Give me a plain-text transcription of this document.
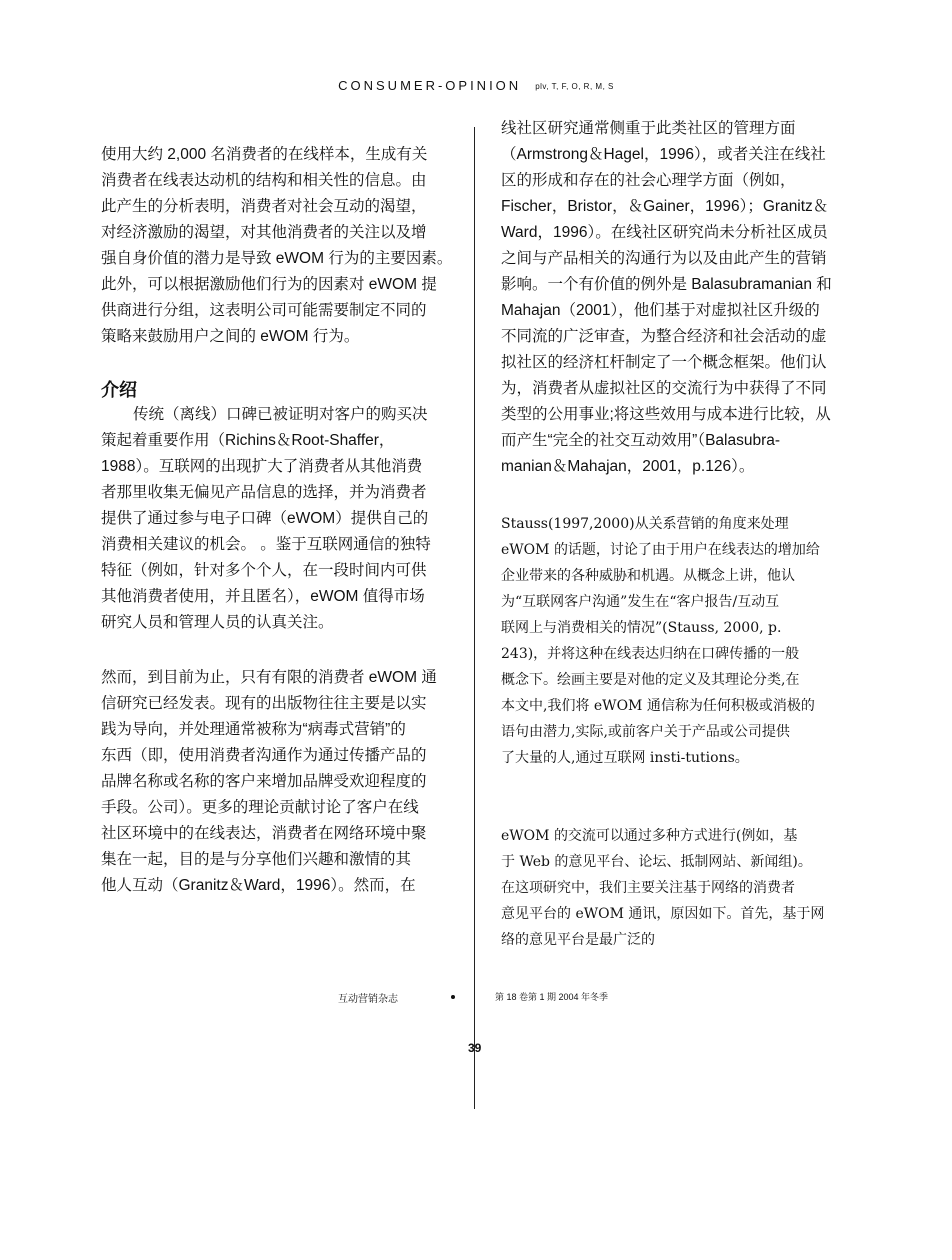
CONSUMER-OPINION plv, T, F, O, R, M, S

使用大约 2,000 名消费者的在线样本，生成有关

消费者在线表达动机的结构和相关性的信息。由

此产生的分析表明，消费者对社会互动的渴望，

对经济激励的渴望，对其他消费者的关注以及增

强自身价值的潜力是导致 eWOM 行为的主要因素。

此外，可以根据激励他们行为的因素对 eWOM 提

供商进行分组，这表明公司可能需要制定不同的

策略来鼓励用户之间的 eWOM 行为。

介绍

传统（离线）口碑已被证明对客户的购买决

策起着重要作用（Richins＆Root-Shaffer，

1988）。互联网的出现扩大了消费者从其他消费

者那里收集无偏见产品信息的选择，并为消费者

提供了通过参与电子口碑（eWOM）提供自己的

消费相关建议的机会。 。鉴于互联网通信的独特

特征（例如，针对多个个人，在一段时间内可供

其他消费者使用，并且匿名），eWOM 值得市场

研究人员和管理人员的认真关注。

然而，到目前为止，只有有限的消费者 eWOM 通

信研究已经发表。现有的出版物往往主要是以实

践为导向，并处理通常被称为“病毒式营销”的

东西（即，使用消费者沟通作为通过传播产品的

品牌名称或名称的客户来增加品牌受欢迎程度的

手段。公司）。更多的理论贡献讨论了客户在线

社区环境中的在线表达，消费者在网络环境中聚

集在一起，目的是与分享他们兴趣和激情的其

他人互动（Granitz＆Ward，1996）。然而，在

线社区研究通常侧重于此类社区的管理方面

（Armstrong＆Hagel，1996），或者关注在线社

区的形成和存在的社会心理学方面（例如，

Fischer，Bristor，＆Gainer，1996）；Granitz＆

Ward，1996）。在线社区研究尚未分析社区成员

之间与产品相关的沟通行为以及由此产生的营销

影响。一个有价值的例外是 Balasubramanian 和

Mahajan（2001），他们基于对虚拟社区升级的

不同流的广泛审查，为整合经济和社会活动的虚

拟社区的经济杠杆制定了一个概念框架。他们认

为，消费者从虚拟社区的交流行为中获得了不同

类型的公用事业;将这些效用与成本进行比较，从

而产生“完全的社交互动效用”（Balasubra-

manian＆Mahajan，2001，p.126）。

Stauss(1997,2000)从关系营销的角度来处理

eWOM 的话题，讨论了由于用户在线表达的增加给

企业带来的各种威胁和机遇。从概念上讲，他认

为“互联网客户沟通”发生在“客户报告/互动互

联网上与消费相关的情况”(Stauss, 2000, p.

243)，并将这种在线表达归纳在口碑传播的一般

概念下。绘画主要是对他的定义及其理论分类,在

本文中,我们将 eWOM 通信称为任何积极或消极的

语句由潜力,实际,或前客户关于产品或公司提供

了大量的人,通过互联网 insti-tutions。

eWOM 的交流可以通过多种方式进行(例如，基

于 Web 的意见平台、论坛、抵制网站、新闻组)。

在这项研究中，我们主要关注基于网络的消费者

意见平台的 eWOM 通讯，原因如下。首先，基于网

络的意见平台是最广泛的

互动营销杂志	第 18 卷第 1 期 2004 年冬季
39
